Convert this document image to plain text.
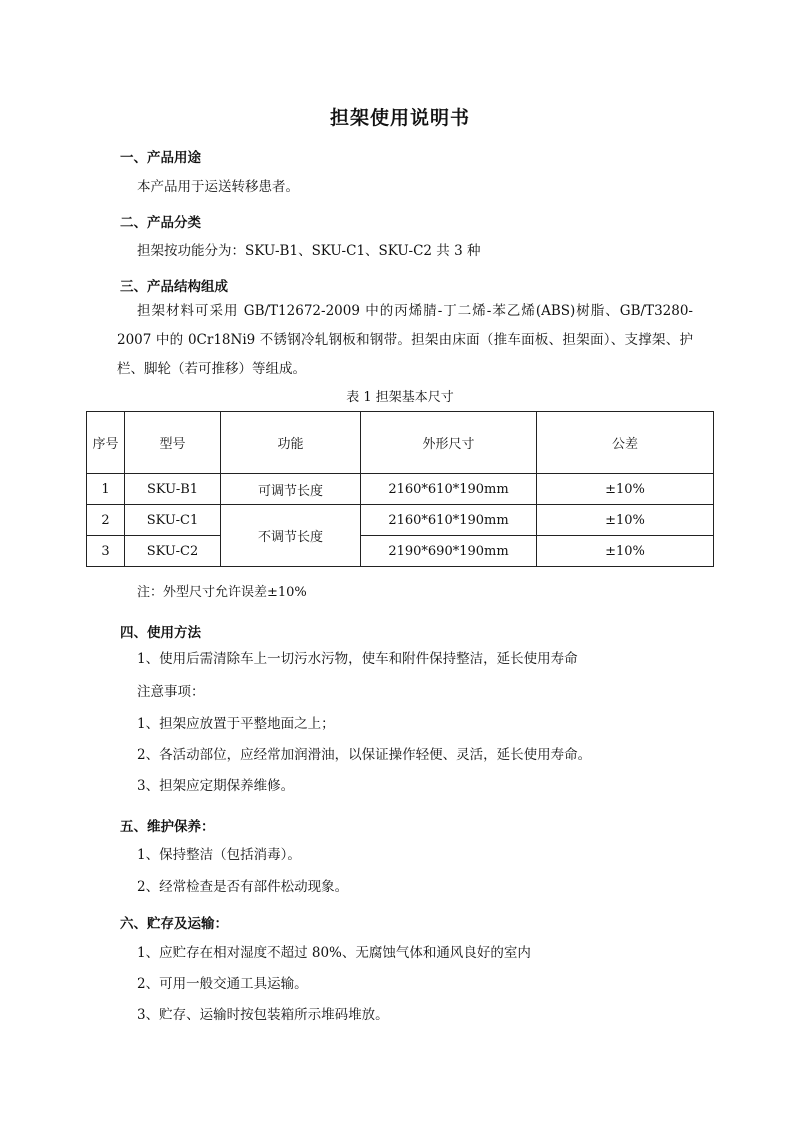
担架使用说明书
一、产品用途
本产品用于运送转移患者。
二、产品分类
担架按功能分为：SKU-B1、SKU-C1、SKU-C2 共 3 种
三、产品结构组成
担架材料可采用 GB/T12672-2009 中的丙烯腈-丁二烯-苯乙烯(ABS)树脂、GB/T3280-2007 中的 0Cr18Ni9 不锈钢冷轧钢板和钢带。担架由床面（推车面板、担架面）、支撑架、护栏、脚轮（若可推移）等组成。
表 1 担架基本尺寸
序号	型号	功能	外形尺寸	公差
1	SKU-B1	可调节长度	2160*610*190mm	±10%
2	SKU-C1	不调节长度	2160*610*190mm	±10%
3	SKU-C2		2190*690*190mm	±10%
注：外型尺寸允许误差±10%
四、使用方法
1、使用后需清除车上一切污水污物，使车和附件保持整洁，延长使用寿命
注意事项：
1、担架应放置于平整地面之上；
2、各活动部位，应经常加润滑油，以保证操作轻便、灵活，延长使用寿命。
3、担架应定期保养维修。
五、维护保养：
1、保持整洁（包括消毒）。
2、经常检查是否有部件松动现象。
六、贮存及运输：
1、应贮存在相对湿度不超过 80%、无腐蚀气体和通风良好的室内
2、可用一般交通工具运输。
3、贮存、运输时按包装箱所示堆码堆放。
